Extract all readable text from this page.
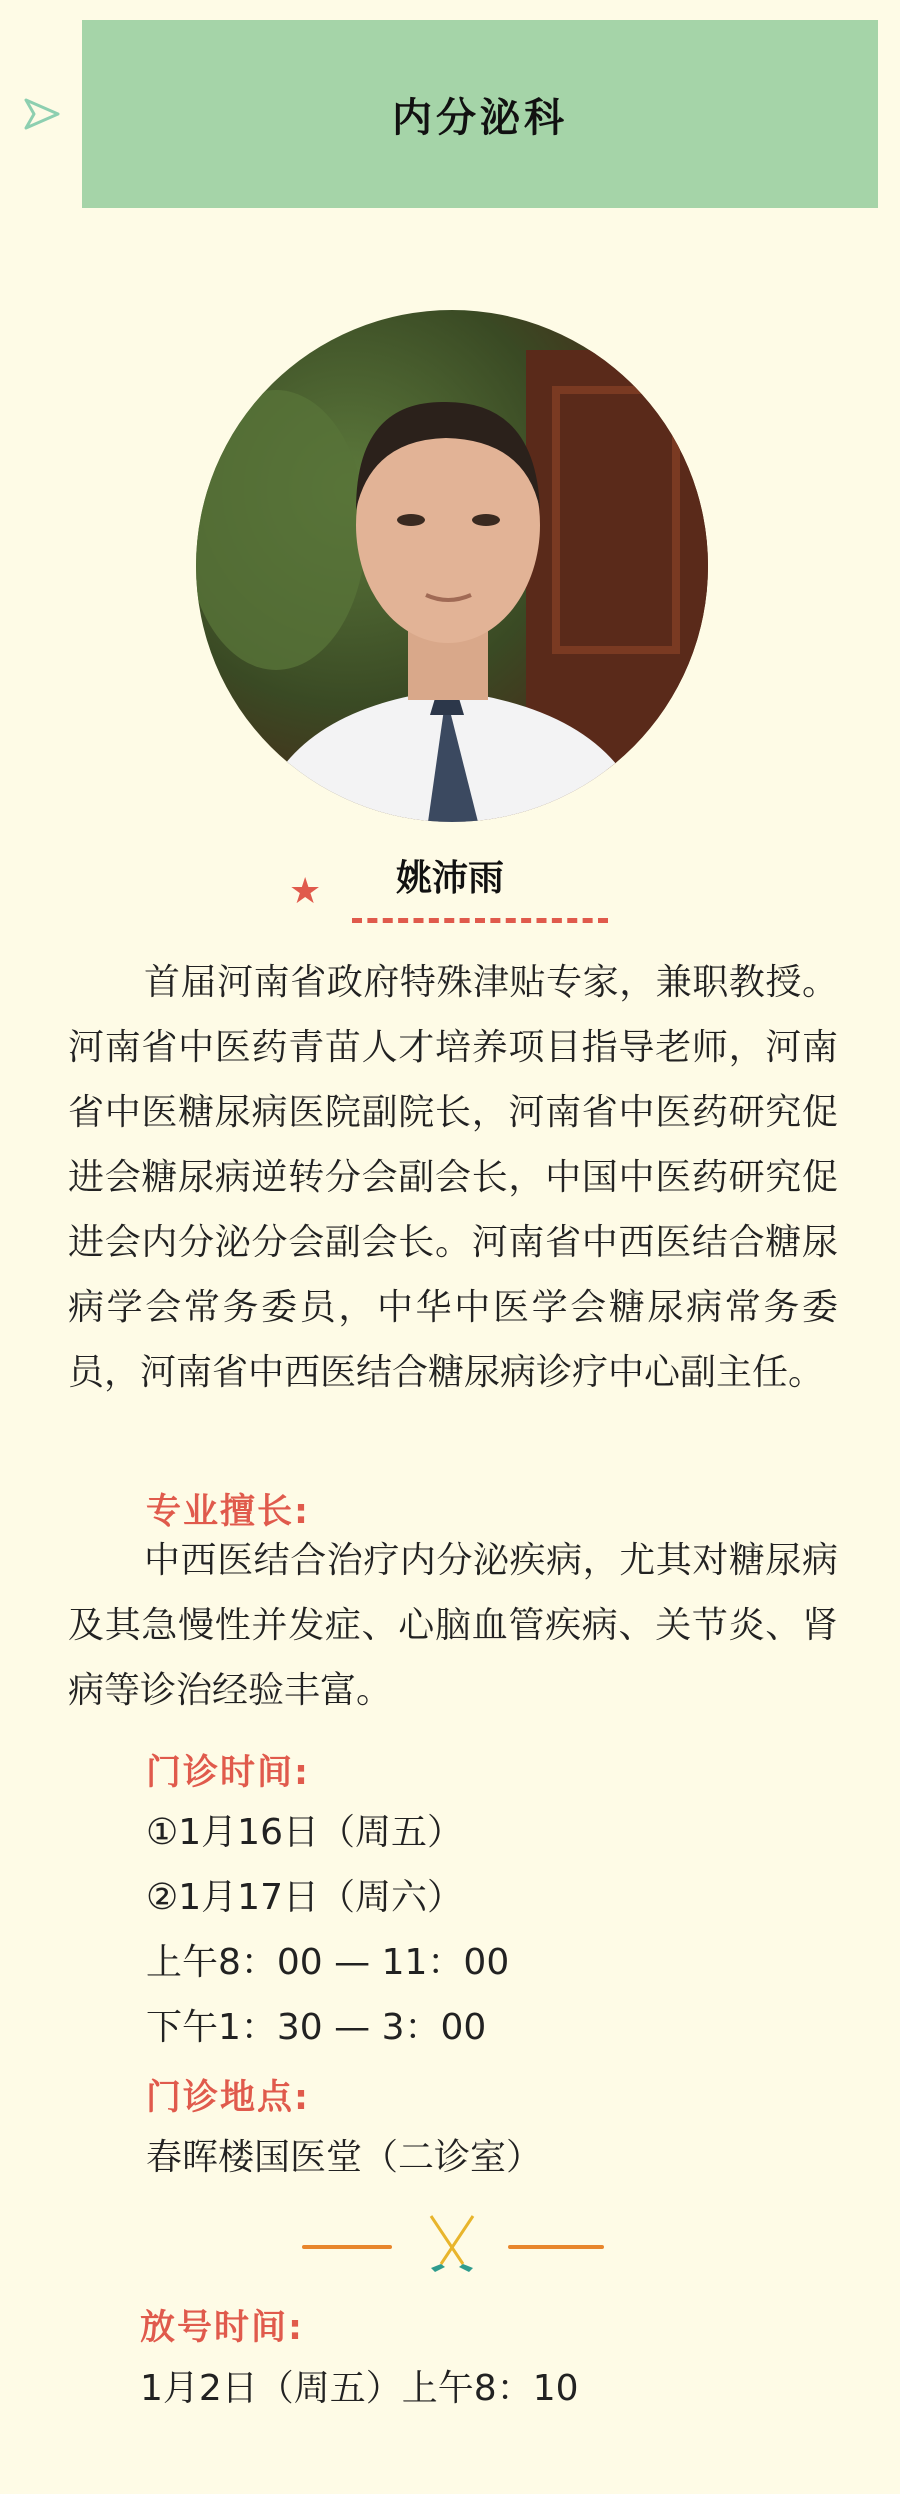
内分泌科
★	姚沛雨

首届河南省政府特殊津贴专家，兼职教授。河南省中医药青苗人才培养项目指导老师，河南省中医糖尿病医院副院长，河南省中医药研究促进会糖尿病逆转分会副会长，中国中医药研究促进会内分泌分会副会长。河南省中西医结合糖尿病学会常务委员，中华中医学会糖尿病常务委员，河南省中西医结合糖尿病诊疗中心副主任。

专业擅长:
中西医结合治疗内分泌疾病，尤其对糖尿病及其急慢性并发症、心脑血管疾病、关节炎、肾病等诊治经验丰富。
门诊时间:
①1月16日（周五）
②1月17日（周六）
上午8：00 — 11：00
下午1：30 — 3：00
门诊地点:
春晖楼国医堂（二诊室）
放号时间:
1月2日（周五）上午8：10
